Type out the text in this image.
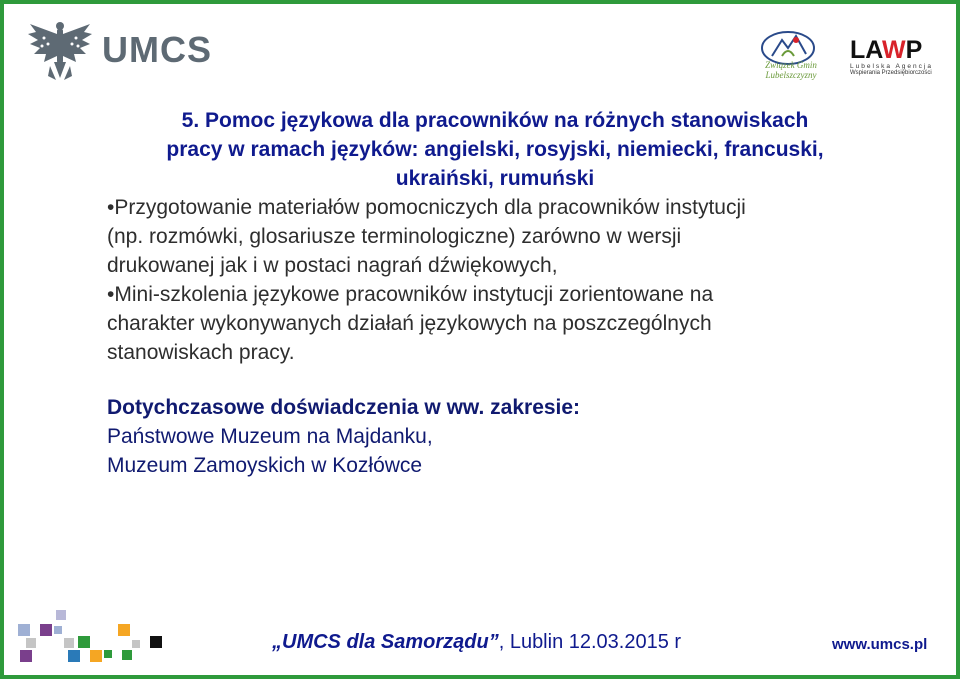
UMCS	Związek Gmin Lubelszczyzny
LAWP
Lubelska Agencja
Wspierania Przedsiębiorczości
5. Pomoc językowa dla pracowników na różnych stanowiskach
pracy w ramach języków: angielski, rosyjski, niemiecki, francuski,
ukraiński, rumuński

•Przygotowanie materiałów pomocniczych dla pracowników instytucji

(np. rozmówki, glosariusze terminologiczne) zarówno w wersji

drukowanej jak i w postaci nagrań dźwiękowych,

•Mini-szkolenia językowe pracowników instytucji zorientowane na

charakter wykonywanych działań językowych na poszczególnych

stanowiskach pracy.

Dotychczasowe doświadczenia w ww. zakresie:
Państwowe Muzeum na Majdanku,
Muzeum Zamoyskich w Kozłówce
„UMCS dla Samorządu”, Lublin 12.03.2015 r	www.umcs.pl
